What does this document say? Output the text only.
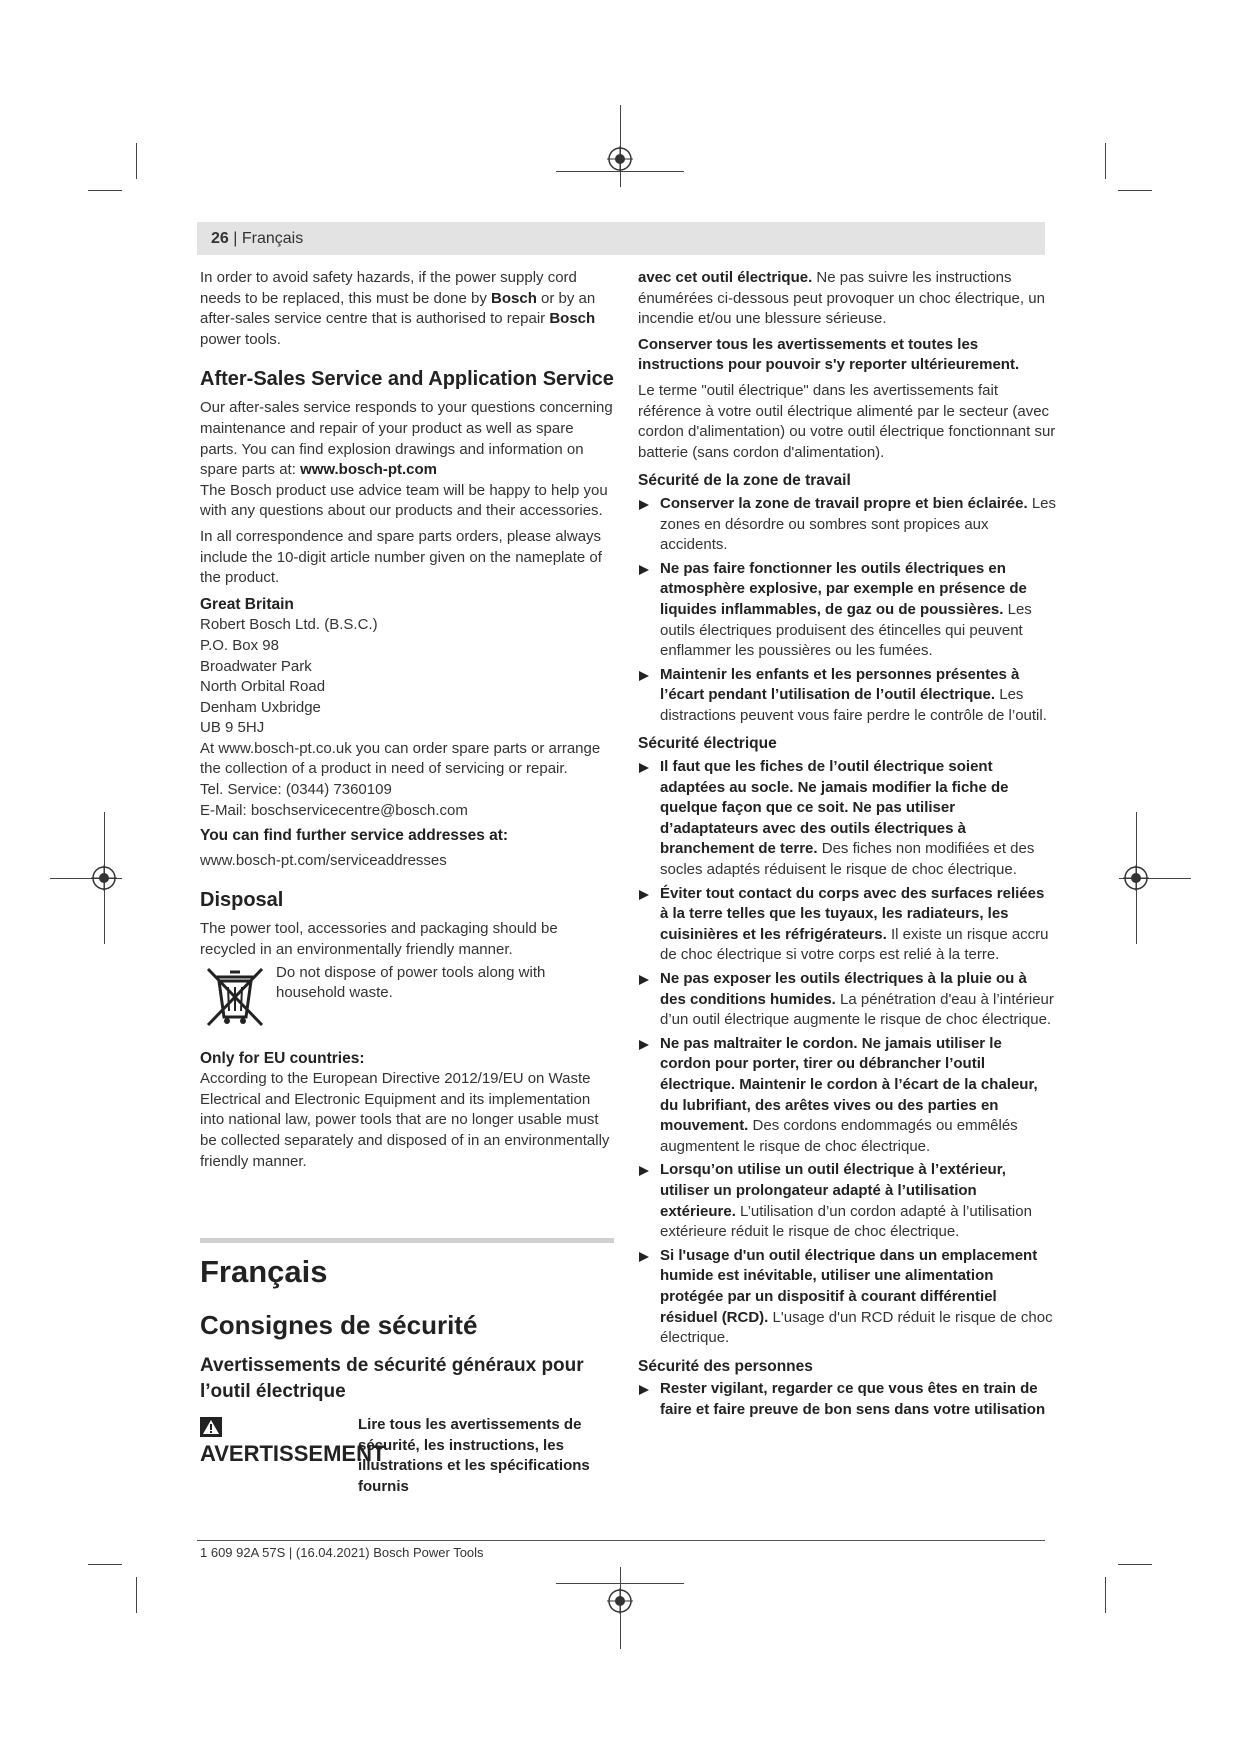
26 | Français
In order to avoid safety hazards, if the power supply cord needs to be replaced, this must be done by Bosch or by an after-sales service centre that is authorised to repair Bosch power tools.
After-Sales Service and Application Service
Our after-sales service responds to your questions concerning maintenance and repair of your product as well as spare parts. You can find explosion drawings and information on spare parts at: www.bosch-pt.com
The Bosch product use advice team will be happy to help you with any questions about our products and their accessories.
In all correspondence and spare parts orders, please always include the 10-digit article number given on the nameplate of the product.
Great Britain
Robert Bosch Ltd. (B.S.C.)
P.O. Box 98
Broadwater Park
North Orbital Road
Denham Uxbridge
UB 9 5HJ
At www.bosch-pt.co.uk you can order spare parts or arrange the collection of a product in need of servicing or repair.
Tel. Service: (0344) 7360109
E-Mail: boschservicecentre@bosch.com
You can find further service addresses at:
www.bosch-pt.com/serviceaddresses
Disposal
The power tool, accessories and packaging should be recycled in an environmentally friendly manner.
Do not dispose of power tools along with household waste.
Only for EU countries:
According to the European Directive 2012/19/EU on Waste Electrical and Electronic Equipment and its implementation into national law, power tools that are no longer usable must be collected separately and disposed of in an environmentally friendly manner.
Français
Consignes de sécurité
Avertissements de sécurité généraux pour l’outil électrique
AVERTISSEMENT
Lire tous les avertissements de sécurité, les instructions, les illustrations et les spécifications fournis
avec cet outil électrique. Ne pas suivre les instructions énumérées ci-dessous peut provoquer un choc électrique, un incendie et/ou une blessure sérieuse.
Conserver tous les avertissements et toutes les instructions pour pouvoir s'y reporter ultérieurement.
Le terme "outil électrique" dans les avertissements fait référence à votre outil électrique alimenté par le secteur (avec cordon d'alimentation) ou votre outil électrique fonctionnant sur batterie (sans cordon d'alimentation).
Sécurité de la zone de travail
Conserver la zone de travail propre et bien éclairée. Les zones en désordre ou sombres sont propices aux accidents.
Ne pas faire fonctionner les outils électriques en atmosphère explosive, par exemple en présence de liquides inflammables, de gaz ou de poussières. Les outils électriques produisent des étincelles qui peuvent enflammer les poussières ou les fumées.
Maintenir les enfants et les personnes présentes à l’écart pendant l’utilisation de l’outil électrique. Les distractions peuvent vous faire perdre le contrôle de l’outil.
Sécurité électrique
Il faut que les fiches de l’outil électrique soient adaptées au socle. Ne jamais modifier la fiche de quelque façon que ce soit. Ne pas utiliser d’adaptateurs avec des outils électriques à branchement de terre. Des fiches non modifiées et des socles adaptés réduisent le risque de choc électrique.
Éviter tout contact du corps avec des surfaces reliées à la terre telles que les tuyaux, les radiateurs, les cuisinières et les réfrigérateurs. Il existe un risque accru de choc électrique si votre corps est relié à la terre.
Ne pas exposer les outils électriques à la pluie ou à des conditions humides. La pénétration d'eau à l’intérieur d’un outil électrique augmente le risque de choc électrique.
Ne pas maltraiter le cordon. Ne jamais utiliser le cordon pour porter, tirer ou débrancher l’outil électrique. Maintenir le cordon à l’écart de la chaleur, du lubrifiant, des arêtes vives ou des parties en mouvement. Des cordons endommagés ou emmêlés augmentent le risque de choc électrique.
Lorsqu’on utilise un outil électrique à l’extérieur, utiliser un prolongateur adapté à l’utilisation extérieure. L’utilisation d’un cordon adapté à l’utilisation extérieure réduit le risque de choc électrique.
Si l'usage d'un outil électrique dans un emplacement humide est inévitable, utiliser une alimentation protégée par un dispositif à courant différentiel résiduel (RCD). L'usage d'un RCD réduit le risque de choc électrique.
Sécurité des personnes
Rester vigilant, regarder ce que vous êtes en train de faire et faire preuve de bon sens dans votre utilisation
1 609 92A 57S | (16.04.2021) Bosch Power Tools
